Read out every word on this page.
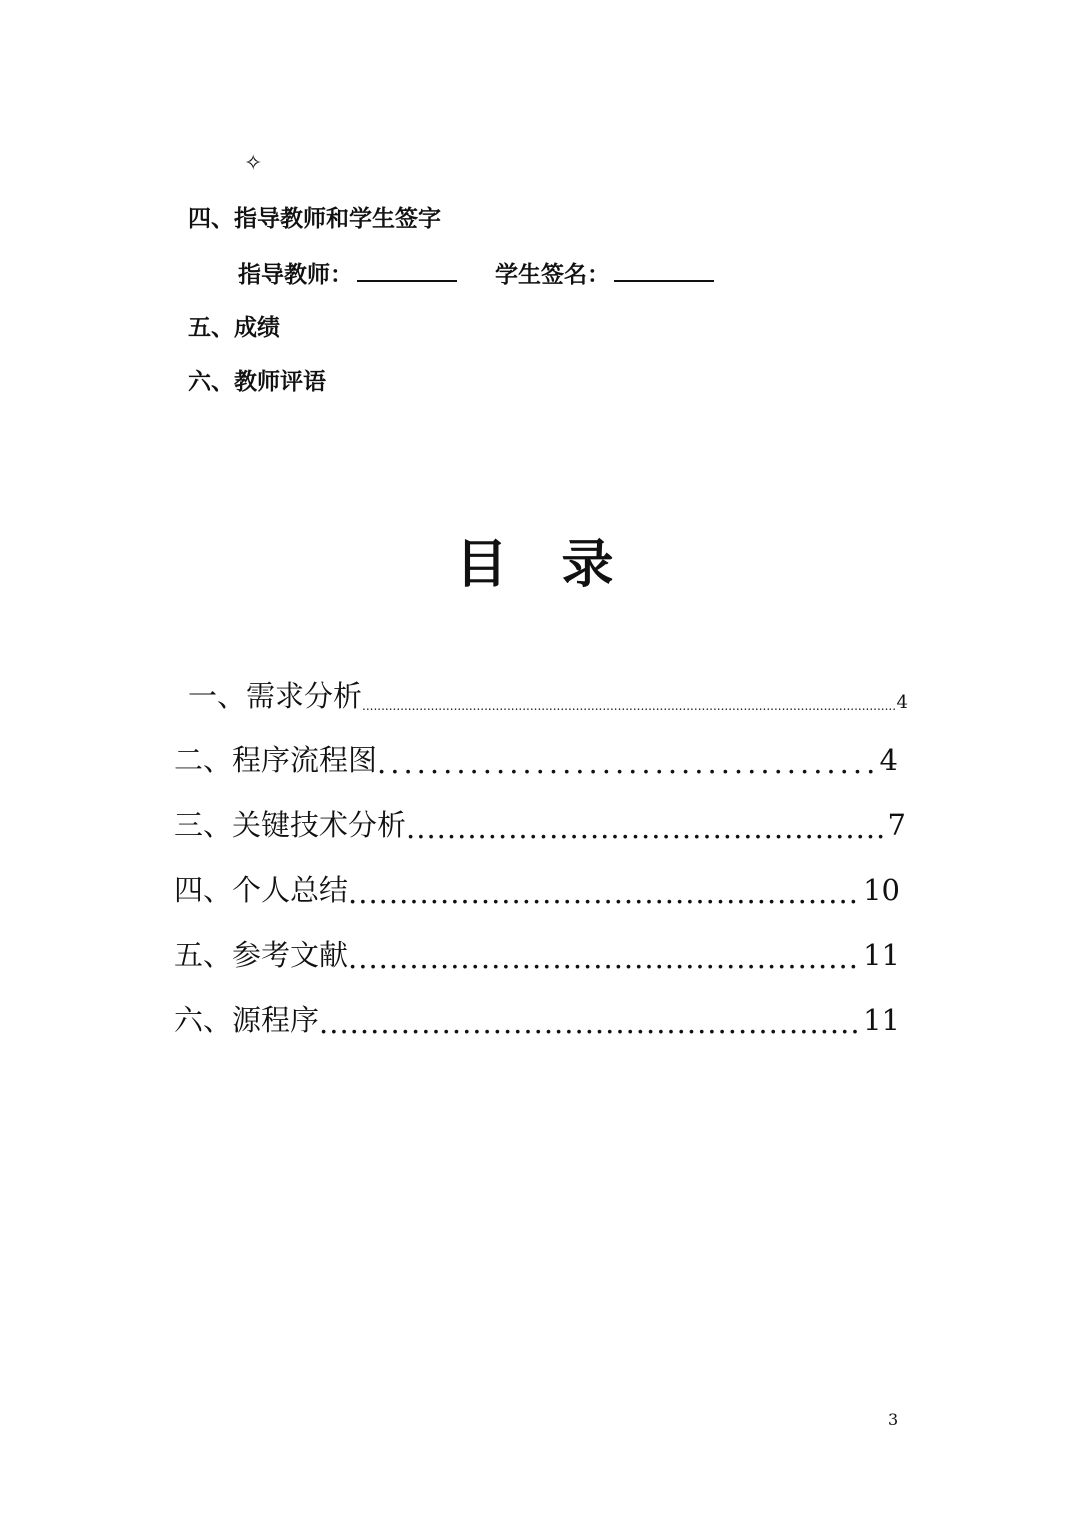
✧
四、指导教师和学生签字
指导教师：	学生签名：
五、成绩
六、教师评语
目 录
一、需求分析 .....	4
二、程序流程图 .....	4
三、关键技术分析 .....	7
四、个人总结 .....	10
五、参考文献 .....	11
六、源程序 .....	11
3
